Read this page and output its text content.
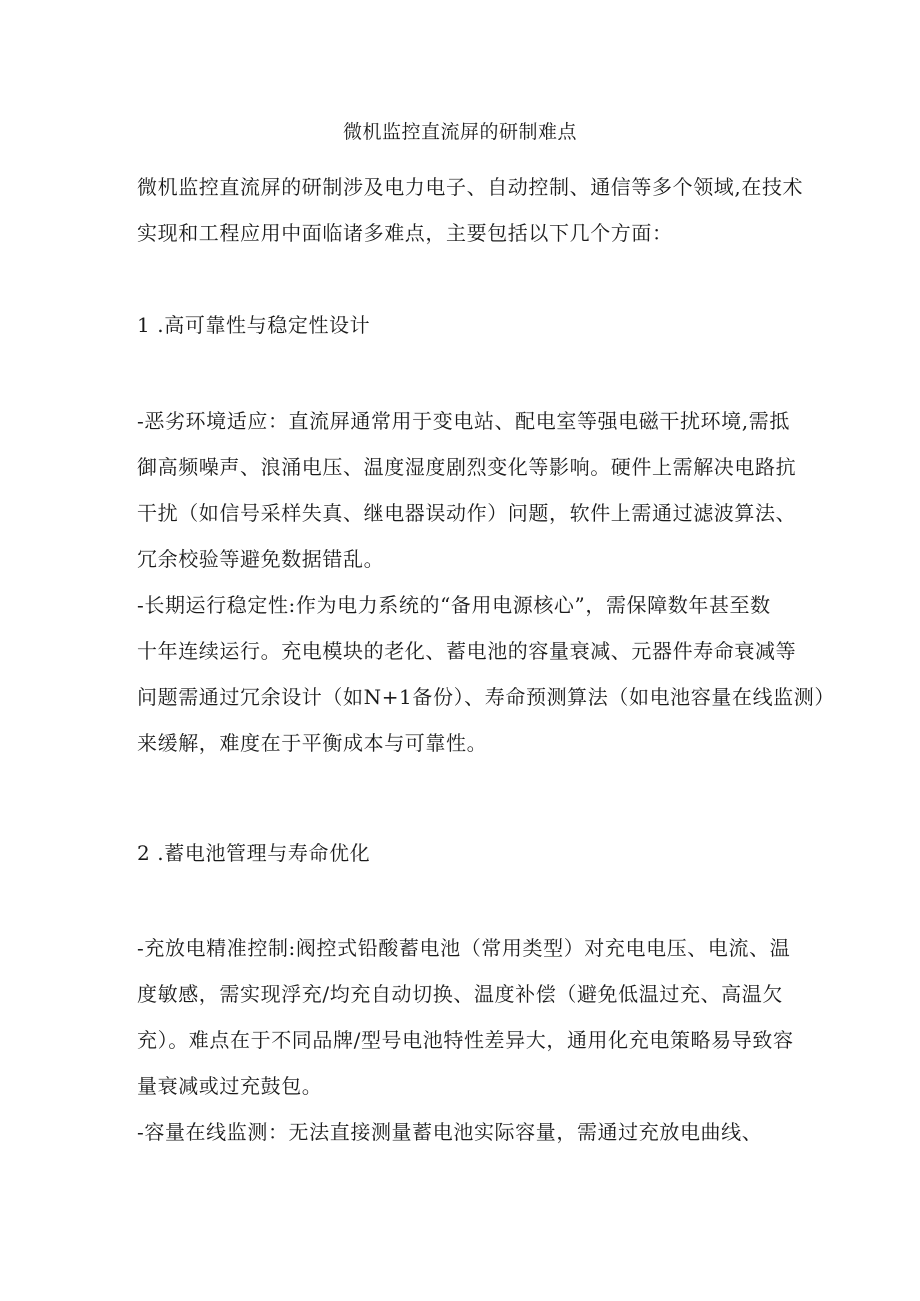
微机监控直流屏的研制难点
微机监控直流屏的研制涉及电力电子、自动控制、通信等多个领域,在技术
实现和工程应用中面临诸多难点，主要包括以下几个方面：
1 .高可靠性与稳定性设计
-恶劣环境适应：直流屏通常用于变电站、配电室等强电磁干扰环境,需抵
御高频噪声、浪涌电压、温度湿度剧烈变化等影响。硬件上需解决电路抗
干扰（如信号采样失真、继电器误动作）问题，软件上需通过滤波算法、
冗余校验等避免数据错乱。
-长期运行稳定性:作为电力系统的“备用电源核心”，需保障数年甚至数
十年连续运行。充电模块的老化、蓄电池的容量衰减、元器件寿命衰减等
问题需通过冗余设计（如N+1备份）、寿命预测算法（如电池容量在线监测）
来缓解，难度在于平衡成本与可靠性。
2 .蓄电池管理与寿命优化
-充放电精准控制:阀控式铅酸蓄电池（常用类型）对充电电压、电流、温
度敏感，需实现浮充/均充自动切换、温度补偿（避免低温过充、高温欠
充）。难点在于不同品牌/型号电池特性差异大，通用化充电策略易导致容
量衰减或过充鼓包。
-容量在线监测：无法直接测量蓄电池实际容量，需通过充放电曲线、
